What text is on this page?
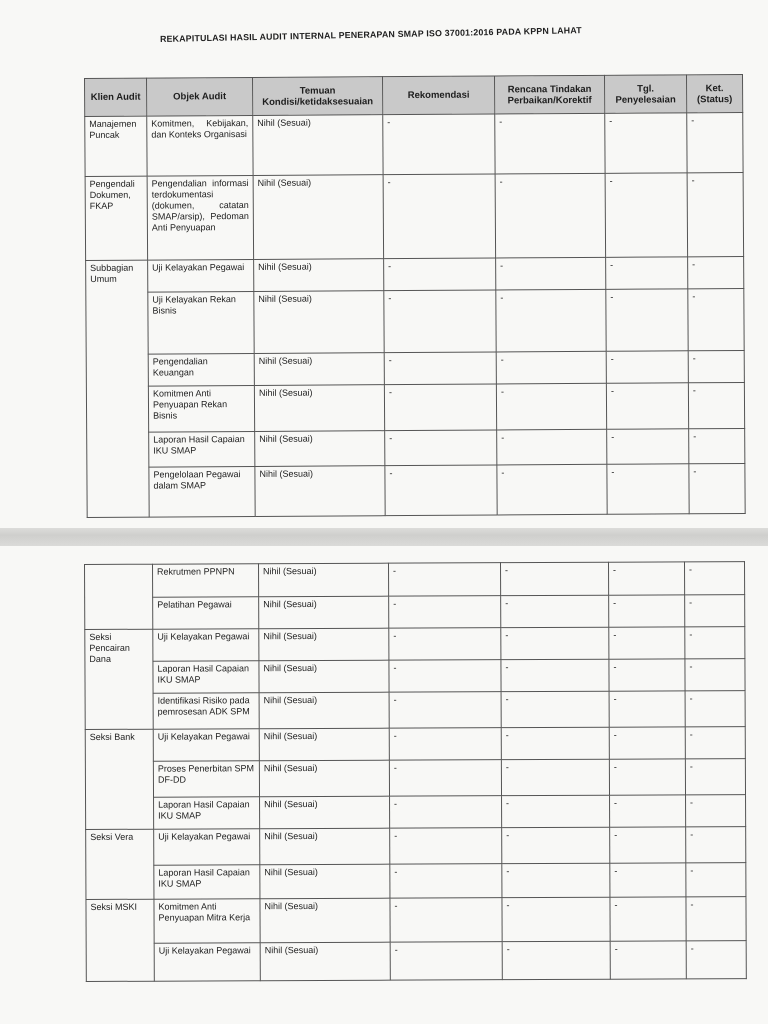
REKAPITULASI HASIL AUDIT INTERNAL PENERAPAN SMAP ISO 37001:2016 PADA KPPN LAHAT
Klien Audit	Objek Audit	Temuan Kondisi/ketidaksesuaian	Rekomendasi	Rencana Tindakan Perbaikan/Korektif	Tgl. Penyelesaian	Ket. (Status)
Manajemen Puncak	Komitmen, Kebijakan, dan Konteks Organisasi	Nihil (Sesuai)	-	-	-	-
Pengendali Dokumen, FKAP	Pengendalian informasi terdokumentasi (dokumen, catatan SMAP/arsip), Pedoman Anti Penyuapan	Nihil (Sesuai)	-	-	-	-
Subbagian Umum	Uji Kelayakan Pegawai	Nihil (Sesuai)	-	-	-	-
	Uji Kelayakan Rekan Bisnis	Nihil (Sesuai)	-	-	-	-
	Pengendalian Keuangan	Nihil (Sesuai)	-	-	-	-
	Komitmen Anti Penyuapan Rekan Bisnis	Nihil (Sesuai)	-	-	-	-
	Laporan Hasil Capaian IKU SMAP	Nihil (Sesuai)	-	-	-	-
	Pengelolaan Pegawai dalam SMAP	Nihil (Sesuai)	-	-	-	-
	Rekrutmen PPNPN	Nihil (Sesuai)	-	-	-	-
	Pelatihan Pegawai	Nihil (Sesuai)	-	-	-	-
Seksi Pencairan Dana	Uji Kelayakan Pegawai	Nihil (Sesuai)	-	-	-	-
	Laporan Hasil Capaian IKU SMAP	Nihil (Sesuai)	-	-	-	-
	Identifikasi Risiko pada pemrosesan ADK SPM	Nihil (Sesuai)	-	-	-	-
Seksi Bank	Uji Kelayakan Pegawai	Nihil (Sesuai)	-	-	-	-
	Proses Penerbitan SPM DF-DD	Nihil (Sesuai)	-	-	-	-
	Laporan Hasil Capaian IKU SMAP	Nihil (Sesuai)	-	-	-	-
Seksi Vera	Uji Kelayakan Pegawai	Nihil (Sesuai)	-	-	-	-
	Laporan Hasil Capaian IKU SMAP	Nihil (Sesuai)	-	-	-	-
Seksi MSKI	Komitmen Anti Penyuapan Mitra Kerja	Nihil (Sesuai)	-	-	-	-
	Uji Kelayakan Pegawai	Nihil (Sesuai)	-	-	-	-
